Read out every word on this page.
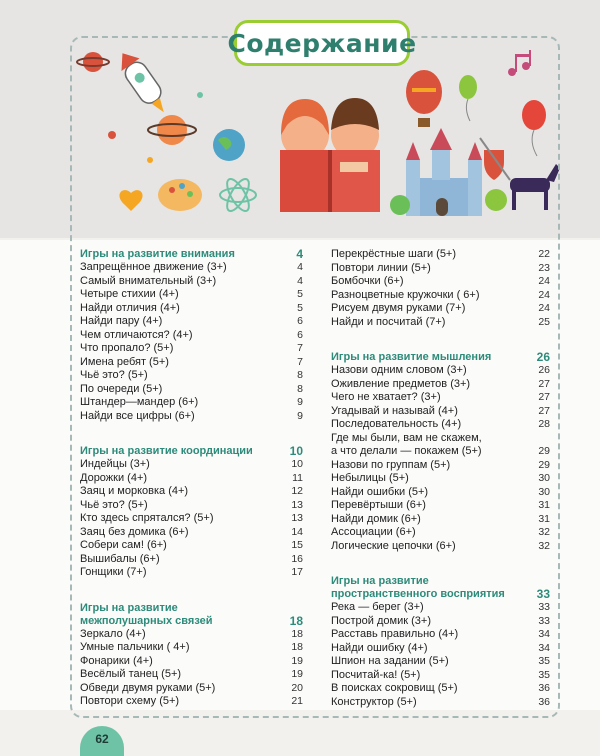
Содержание
Игры на развитие внимания	4
Запрещённое движение (3+)	4
Самый внимательный (3+)	4
Четыре стихии (4+)	5
Найди отличия (4+)	5
Найди пару (4+)	6
Чем отличаются? (4+)	6
Что пропало? (5+)	7
Имена ребят (5+)	7
Чьё это? (5+)	8
По очереди (5+)	8
Штандер—мандер (6+)	9
Найди все цифры (6+)	9
Игры на развитие координации	10
Индейцы (3+)	10
Дорожки (4+)	11
Заяц и морковка (4+)	12
Чьё это? (5+)	13
Кто здесь спрятался? (5+)	13
Заяц без домика (6+)	14
Собери сам! (6+)	15
Вышибалы (6+)	16
Гонщики (7+)	17
Игры на развитие
межполушарных связей	18
Зеркало (4+)	18
Умные пальчики ( 4+)	18
Фонарики (4+)	19
Весёлый танец (5+)	19
Обведи двумя руками (5+)	20
Повтори схему (5+)	21
Перекрёстные шаги (5+)	22
Повтори линии (5+)	23
Бомбочки (6+)	24
Разноцветные кружочки ( 6+)	24
Рисуем двумя руками (7+)	24
Найди и посчитай (7+)	25
Игры на развитие мышления	26
Назови одним словом (3+)	26
Оживление предметов (3+)	27
Чего не хватает? (3+)	27
Угадывай и называй (4+)	27
Последовательность (4+)	28
Где мы были, вам не скажем,
а что делали — покажем (5+)	29
Назови по группам (5+)	29
Небылицы (5+)	30
Найди ошибки (5+)	30
Перевёртыши (6+)	31
Найди домик (6+)	31
Ассоциации (6+)	32
Логические цепочки (6+)	32
Игры на развитие
пространственного восприятия	33
Река — берег (3+)	33
Построй домик (3+)	33
Расставь правильно (4+)	34
Найди ошибку (4+)	34
Шпион на задании (5+)	35
Посчитай-ка! (5+)	35
В поисках сокровищ (5+)	36
Конструктор (5+)	36
62
